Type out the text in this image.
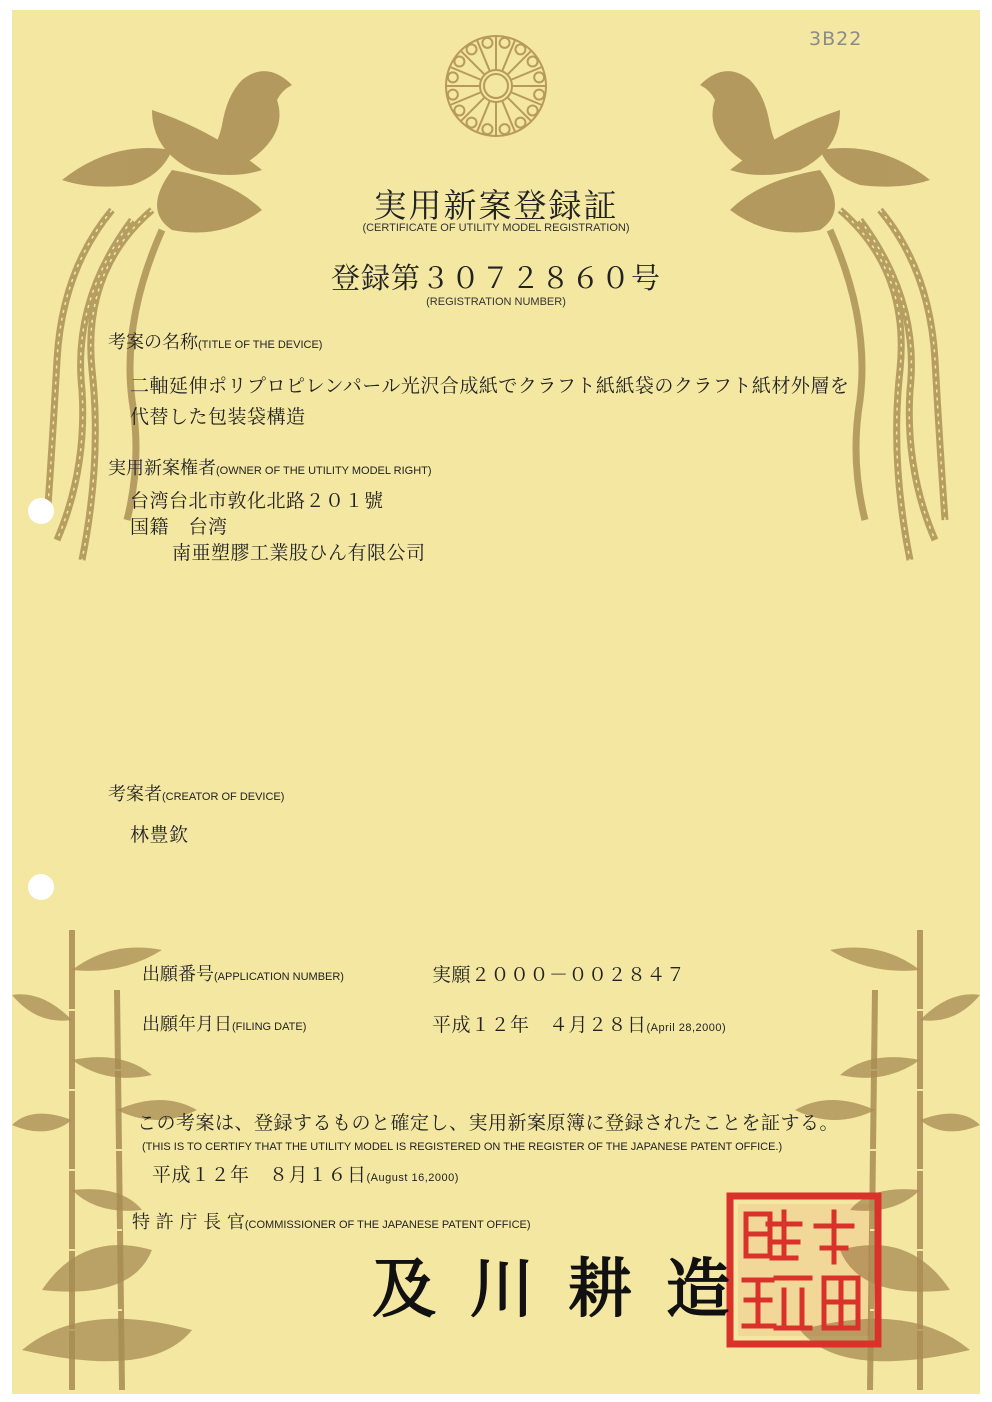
3B22
実用新案登録証
(CERTIFICATE OF UTILITY MODEL REGISTRATION)
登録第３０７２８６０号
(REGISTRATION NUMBER)
考案の名称(TITLE OF THE DEVICE)
二軸延伸ポリプロピレンパール光沢合成紙でクラフト紙紙袋のクラフト紙材外層を
代替した包装袋構造
実用新案権者(OWNER OF THE UTILITY MODEL RIGHT)
台湾台北市敦化北路２０１號
国籍　台湾
南亜塑膠工業股ひん有限公司
考案者(CREATOR OF DEVICE)
林豊欽
出願番号(APPLICATION NUMBER)	実願２０００－００２８４７
出願年月日(FILING DATE)	平成１２年　４月２８日(April 28,2000)
この考案は、登録するものと確定し、実用新案原簿に登録されたことを証する。
(THIS IS TO CERTIFY THAT THE UTILITY MODEL IS REGISTERED ON THE REGISTER OF THE JAPANESE PATENT OFFICE.)
平成１２年　８月１６日(August 16,2000)
特 許 庁 長 官(COMMISSIONER OF THE JAPANESE PATENT OFFICE)
及川耕造
